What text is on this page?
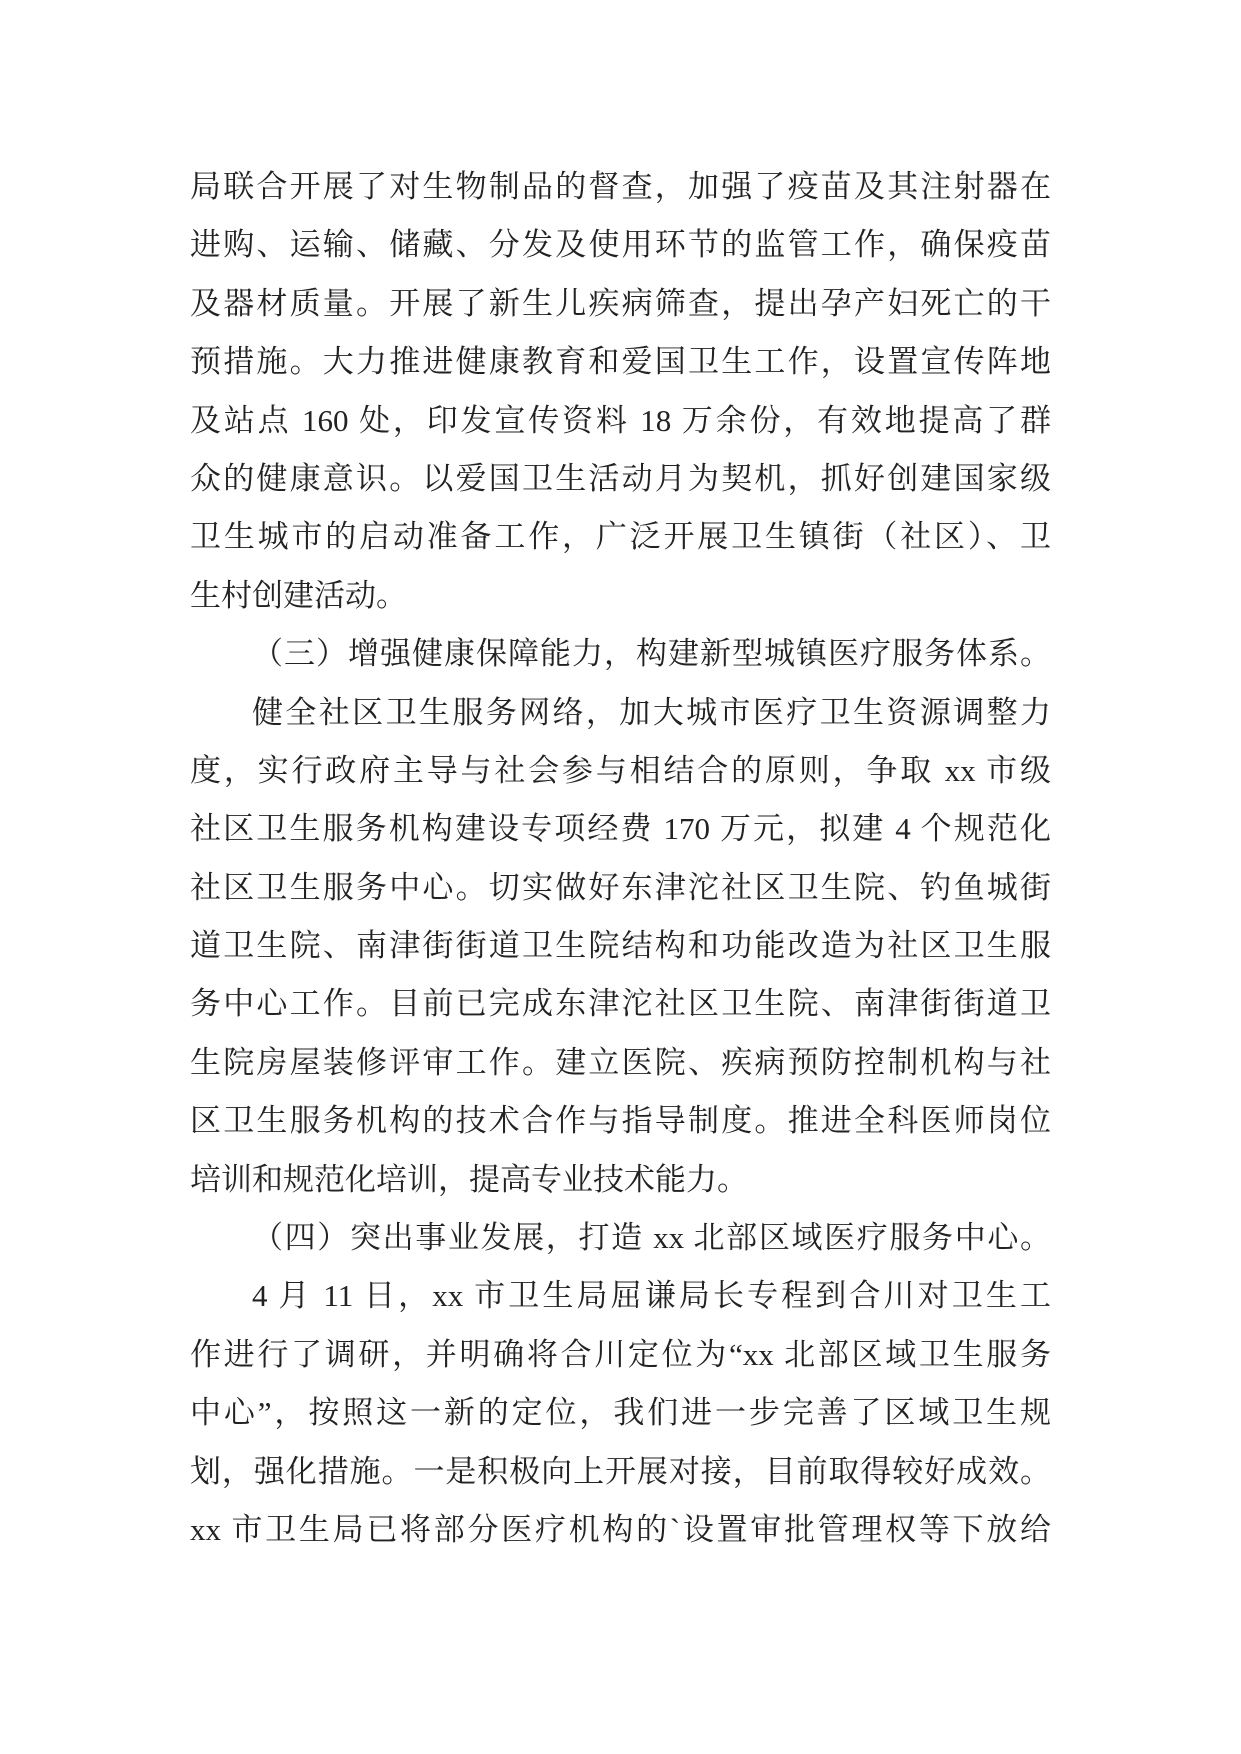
局联合开展了对生物制品的督查，加强了疫苗及其注射器在
进购、运输、储藏、分发及使用环节的监管工作，确保疫苗
及器材质量。开展了新生儿疾病筛查，提出孕产妇死亡的干
预措施。大力推进健康教育和爱国卫生工作，设置宣传阵地
及站点 160 处，印发宣传资料 18 万余份，有效地提高了群
众的健康意识。以爱国卫生活动月为契机，抓好创建国家级
卫生城市的启动准备工作，广泛开展卫生镇街（社区）、卫
生村创建活动。
（三）增强健康保障能力，构建新型城镇医疗服务体系。
健全社区卫生服务网络，加大城市医疗卫生资源调整力
度，实行政府主导与社会参与相结合的原则，争取 xx 市级
社区卫生服务机构建设专项经费 170 万元，拟建 4 个规范化
社区卫生服务中心。切实做好东津沱社区卫生院、钓鱼城街
道卫生院、南津街街道卫生院结构和功能改造为社区卫生服
务中心工作。目前已完成东津沱社区卫生院、南津街街道卫
生院房屋装修评审工作。建立医院、疾病预防控制机构与社
区卫生服务机构的技术合作与指导制度。推进全科医师岗位
培训和规范化培训，提高专业技术能力。
（四）突出事业发展，打造 xx 北部区域医疗服务中心。
4 月 11 日，xx 市卫生局屈谦局长专程到合川对卫生工
作进行了调研，并明确将合川定位为“xx 北部区域卫生服务
中心”，按照这一新的定位，我们进一步完善了区域卫生规
划，强化措施。一是积极向上开展对接，目前取得较好成效。
xx 市卫生局已将部分医疗机构的`设置审批管理权等下放给
